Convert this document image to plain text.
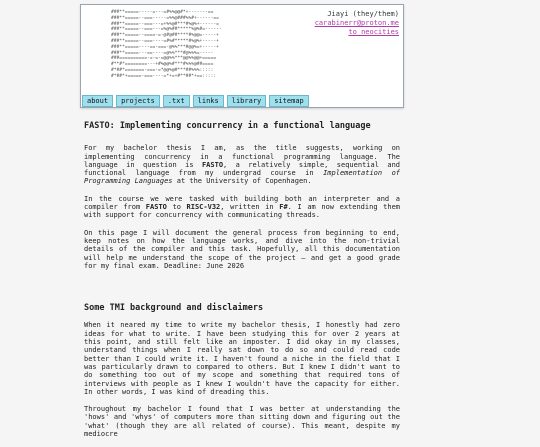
###**=====-----=---=#%%@@#*+-------==
###**=====--===-----=%%@###%%#+------==
###**=====--===---=+%%@#***#%@%+------=
###**=====--===---=%@%##*****%@%#=------
###**=====--====-=-@#@##****#%@@=-----+
###**=====--===----=#%#*****#%@%+-----+
###**=====----==-===-@%%***#@@%=+-----+
###**=====---==----=@%%***#@%%%=-----
###==========-=-=-=@@%%***@@%%@@+=====
#**#*========---+#%@@%#***#%%%@##====
#*##*=======-===-=*@@%@#***##%%%:::::
#*##*+=====-===----=*+=+#**##*+==:::::
Jiayi (they/them)
carabinerr@proton.me
to neocities
about	projects	.txt	links	library	sitemap
FASTO: Implementing concurrency in a functional language

For my bachelor thesis I am, as the title suggests, working on implementing concurrency in a functional programming language. The language in question is FASTO, a relatively simple, sequential and functional language from my undergrad course in Implementation of Programming Languages at the University of Copenhagen.

In the course we were tasked with building both an interpreter and a compiler from FASTO to RISC-V32, written in F#. I am now extending them with support for concurrency with communicating threads.

On this page I will document the general process from beginning to end, keep notes on how the language works, and dive into the non-trivial details of the compiler and this task. Hopefully, all this documentation will help me understand the scope of the project — and get a good grade for my final exam. Deadline: June 2026

Some TMI background and disclaimers

When it neared my time to write my bachelor thesis, I honestly had zero ideas for what to write. I have been studying this for over 2 years at this point, and still felt like an imposter. I did okay in my classes, understand things when I really sat down to do so and could read code better than I could write it. I haven't found a niche in the field that I was particularly drawn to compared to others. But I knew I didn't want to do something too out of my scope and something that required tons of interviews with people as I knew I wouldn't have the capacity for either. In other words, I was kind of dreading this.

Throughout my bachelor I found that I was better at understanding the 'hows' and 'whys' of computers more than sitting down and figuring out the 'what' (though they are all related of course). This meant, despite my mediocre
